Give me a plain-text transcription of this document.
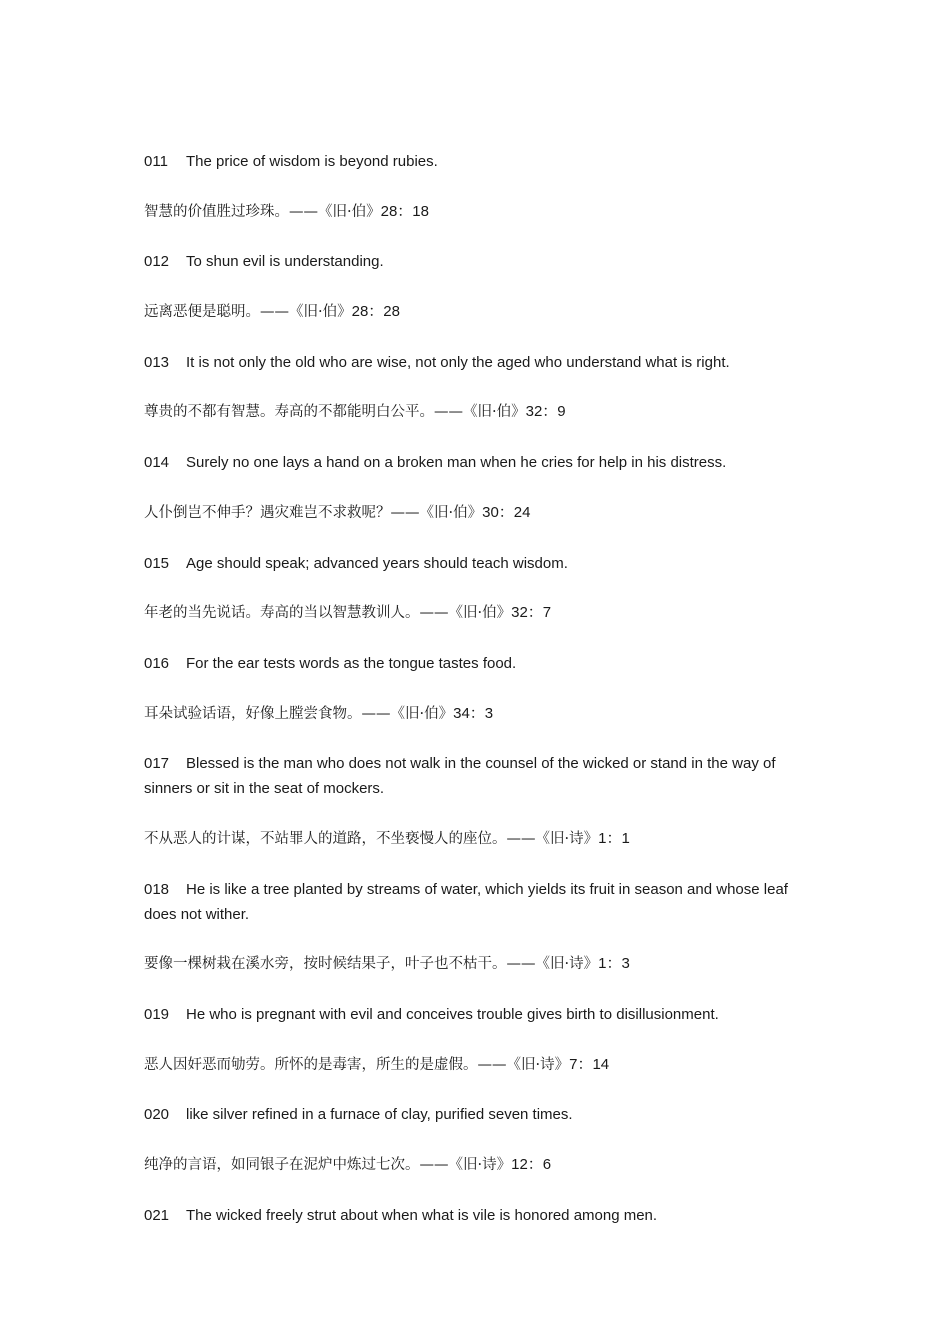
011 The price of wisdom is beyond rubies.

智慧的价值胜过珍珠。——《旧·伯》28：18

012 To shun evil is understanding.

远离恶便是聪明。——《旧·伯》28：28

013 It is not only the old who are wise, not only the aged who understand what is right.

尊贵的不都有智慧。寿高的不都能明白公平。——《旧·伯》32：9

014 Surely no one lays a hand on a broken man when he cries for help in his distress.

人仆倒岂不伸手？遇灾难岂不求救呢？——《旧·伯》30：24

015 Age should speak; advanced years should teach wisdom.

年老的当先说话。寿高的当以智慧教训人。——《旧·伯》32：7

016 For the ear tests words as the tongue tastes food.

耳朵试验话语，好像上膛尝食物。——《旧·伯》34：3

017 Blessed is the man who does not walk in the counsel of the wicked or stand in the way of sinners or sit in the seat of mockers.

不从恶人的计谋，不站罪人的道路，不坐亵慢人的座位。——《旧·诗》1：1

018 He is like a tree planted by streams of water, which yields its fruit in season and whose leaf does not wither.

要像一棵树栽在溪水旁，按时候结果子，叶子也不枯干。——《旧·诗》1：3

019 He who is pregnant with evil and conceives trouble gives birth to disillusionment.

恶人因奸恶而劬劳。所怀的是毒害，所生的是虚假。——《旧·诗》7：14

020 like silver refined in a furnace of clay, purified seven times.

纯净的言语，如同银子在泥炉中炼过七次。——《旧·诗》12：6

021 The wicked freely strut about when what is vile is honored among men.
